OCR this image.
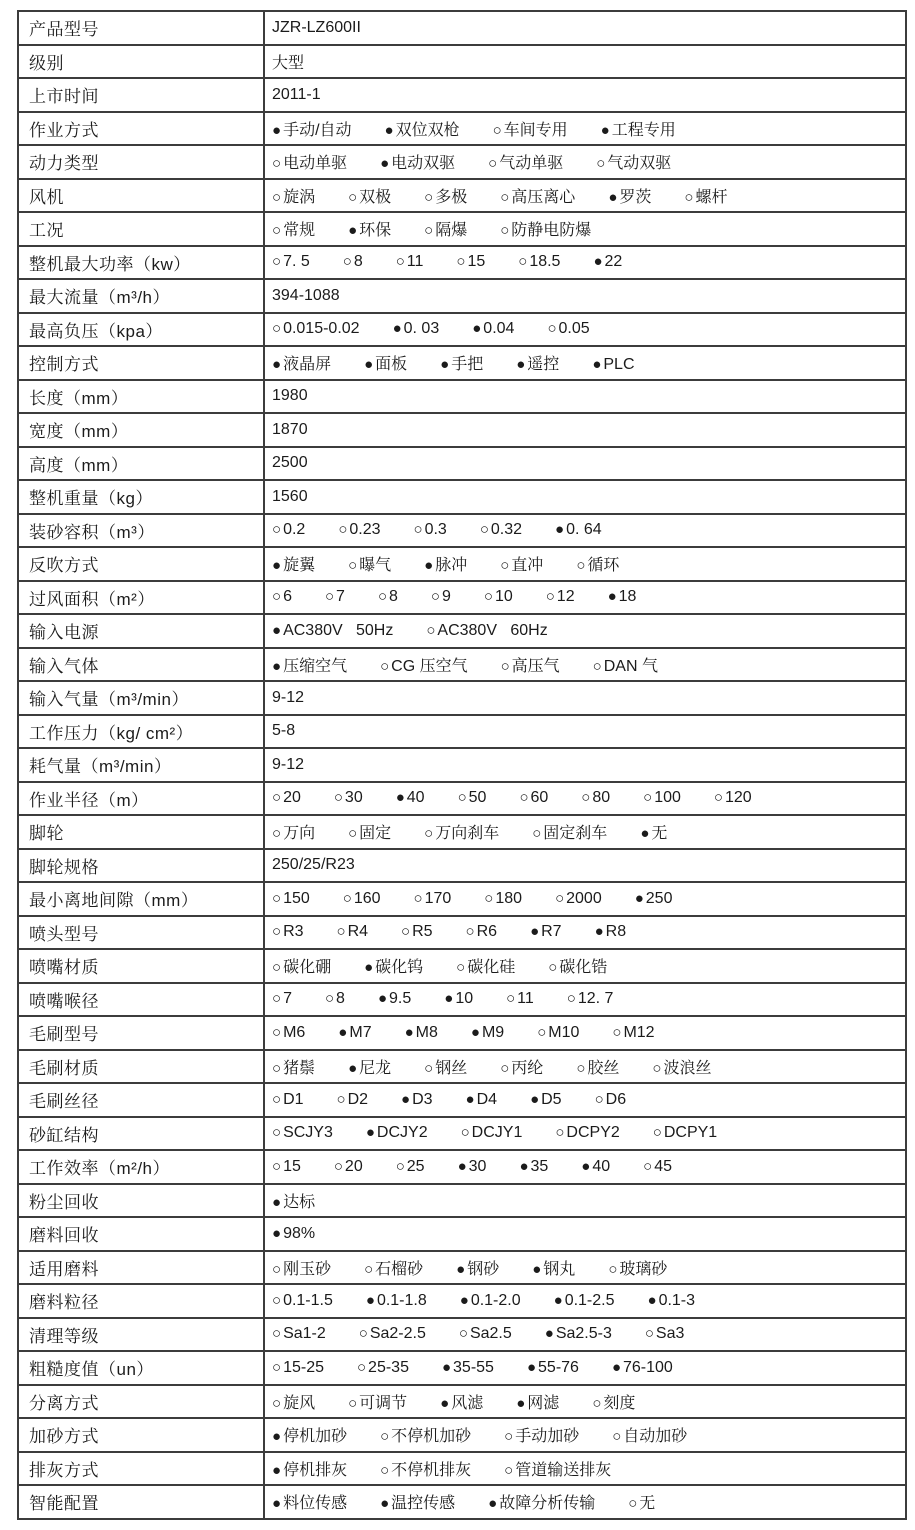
产品型号	JZR-LZ600II
级别	大型
上市时间	2011-1
作业方式	● 手动/自动 ● 双位双枪 ○ 车间专用 ● 工程专用
动力类型	○ 电动单驱 ● 电动双驱 ○ 气动单驱 ○ 气动双驱
风机	○ 旋涡 ○ 双极 ○ 多极 ○ 高压离心 ● 罗茨 ○ 螺杆
工况	○ 常规 ● 环保 ○ 隔爆 ○ 防静电防爆
整机最大功率（kw）	○ 7. 5 ○ 8 ○ 11 ○ 15 ○ 18.5 ● 22
最大流量（m³/h）	394-1088
最高负压（kpa）	○ 0.015-0.02 ● 0. 03 ● 0.04 ○ 0.05
控制方式	● 液晶屏 ● 面板 ● 手把 ● 遥控 ● PLC
长度（mm）	1980
宽度（mm）	1870
高度（mm）	2500
整机重量（kg）	1560
装砂容积（m³）	○ 0.2 ○ 0.23 ○ 0.3 ○ 0.32 ● 0. 64
反吹方式	● 旋翼 ○ 曝气 ● 脉冲 ○ 直冲 ○ 循环
过风面积（m²）	○ 6 ○ 7 ○ 8 ○ 9 ○ 10 ○ 12 ● 18
输入电源	● AC380V   50Hz ○ AC380V   60Hz
输入气体	● 压缩空气 ○ CG 压空气 ○ 高压气 ○ DAN 气
输入气量（m³/min）	9-12
工作压力（kg/ cm²）	5-8
耗气量（m³/min）	9-12
作业半径（m）	○ 20 ○ 30 ● 40 ○ 50 ○ 60 ○ 80 ○ 100 ○ 120
脚轮	○ 万向 ○ 固定 ○ 万向刹车 ○ 固定刹车 ● 无
脚轮规格	250/25/R23
最小离地间隙（mm）	○ 150 ○ 160 ○ 170 ○ 180 ○ 2000 ● 250
喷头型号	○ R3 ○ R4 ○ R5 ○ R6 ● R7 ● R8
喷嘴材质	○ 碳化硼 ● 碳化钨 ○ 碳化硅 ○ 碳化锆
喷嘴喉径	○ 7 ○ 8 ● 9.5 ● 10 ○ 11 ○ 12. 7
毛刷型号	○ M6 ● M7 ● M8 ● M9 ○ M10 ○ M12
毛刷材质	○ 猪鬃 ● 尼龙 ○ 钢丝 ○ 丙纶 ○ 胶丝 ○ 波浪丝
毛刷丝径	○ D1 ○ D2 ● D3 ● D4 ● D5 ○ D6
砂缸结构	○ SCJY3 ● DCJY2 ○ DCJY1 ○ DCPY2 ○ DCPY1
工作效率（m²/h）	○ 15 ○ 20 ○ 25 ● 30 ● 35 ● 40 ○ 45
粉尘回收	● 达标
磨料回收	● 98%
适用磨料	○ 刚玉砂 ○ 石榴砂 ● 钢砂 ● 钢丸 ○ 玻璃砂
磨料粒径	○ 0.1-1.5 ● 0.1-1.8 ● 0.1-2.0 ● 0.1-2.5 ● 0.1-3
清理等级	○ Sa1-2 ○ Sa2-2.5 ○ Sa2.5 ● Sa2.5-3 ○ Sa3
粗糙度值（un）	○ 15-25 ○ 25-35 ● 35-55 ● 55-76 ● 76-100
分离方式	○ 旋风 ○ 可调节 ● 风滤 ● 网滤 ○ 刻度
加砂方式	● 停机加砂 ○ 不停机加砂 ○ 手动加砂 ○ 自动加砂
排灰方式	● 停机排灰 ○ 不停机排灰 ○ 管道输送排灰
智能配置	● 料位传感 ● 温控传感 ● 故障分析传输 ○ 无
